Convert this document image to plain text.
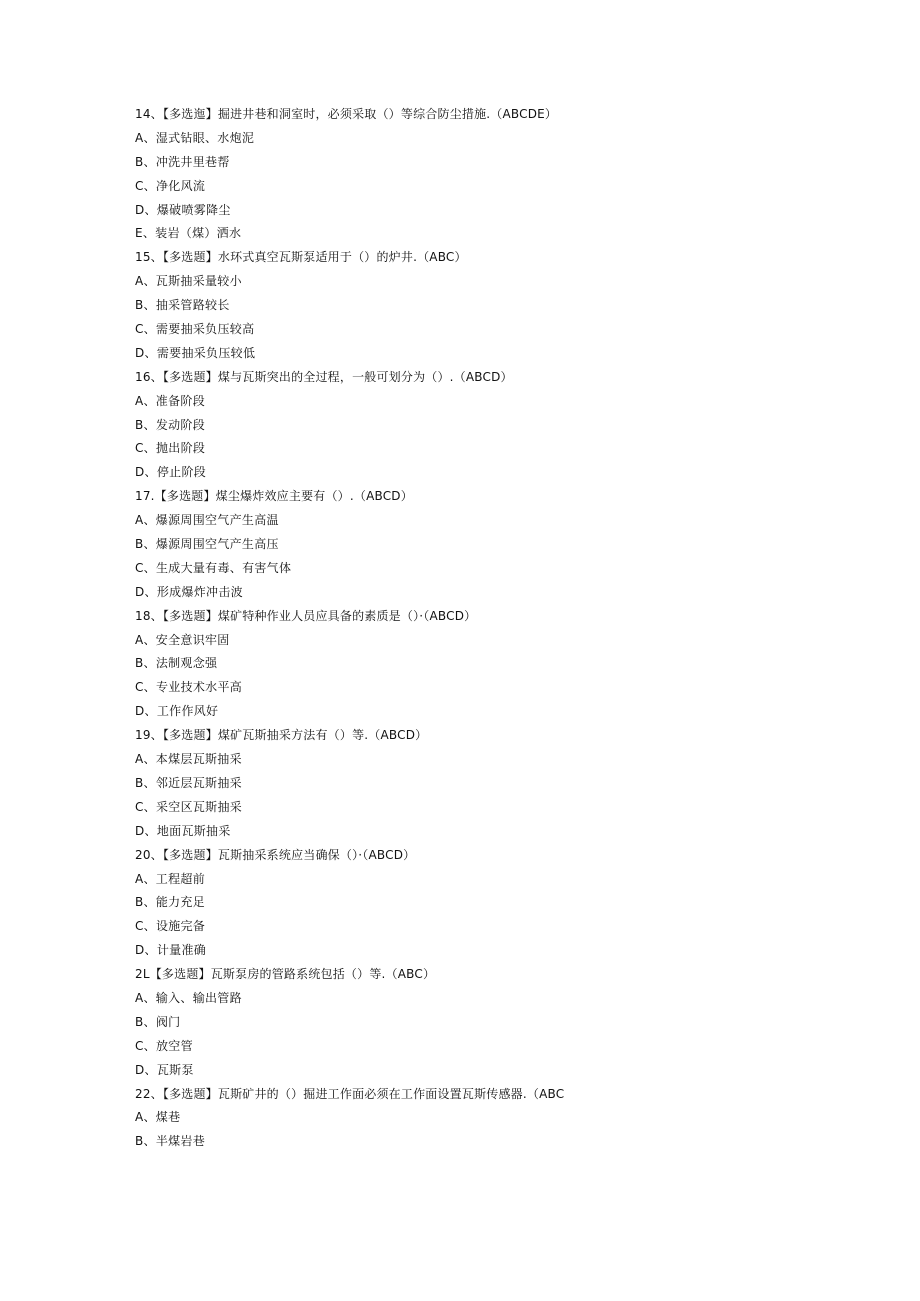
14、【多选迤】掘进井巷和洞室时，必须采取（）等综合防尘措施.（ABCDE）
A、湿式钻眼、水炮泥
B、冲洗井里巷帮
C、净化风流
D、爆破喷雾降尘
E、装岩（煤）洒水
15、【多选题】水环式真空瓦斯泵适用于（）的炉井.（ABC）
A、瓦斯抽采量较小
B、抽采管路较长
C、需要抽采负压较高
D、需要抽采负压较低
16、【多选题】煤与瓦斯突出的全过程，一般可划分为（）.（ABCD）
A、准备阶段
B、发动阶段
C、抛出阶段
D、停止阶段
17.【多选题】煤尘爆炸效应主要有（）.（ABCD）
A、爆源周围空气产生高温
B、爆源周围空气产生高压
C、生成大量有毒、有害气体
D、形成爆炸冲击波
18、【多选题】煤矿特种作业人员应具备的素质是（）·（ABCD）
A、安全意识牢固
B、法制观念强
C、专业技术水平高
D、工作作风好
19、【多选题】煤矿瓦斯抽采方法有（）等.（ABCD）
A、本煤层瓦斯抽采
B、邻近层瓦斯抽采
C、采空区瓦斯抽采
D、地面瓦斯抽采
20、【多选题】瓦斯抽采系统应当确保（）·（ABCD）
A、工程超前
B、能力充足
C、设施完备
D、计量准确
2L【多选题】瓦斯泵房的管路系统包括（）等.（ABC）
A、输入、输出管路
B、阀门
C、放空管
D、瓦斯泵
22、【多选题】瓦斯矿井的（）掘进工作面必须在工作面设置瓦斯传感器.（ABC
A、煤巷
B、半煤岩巷
